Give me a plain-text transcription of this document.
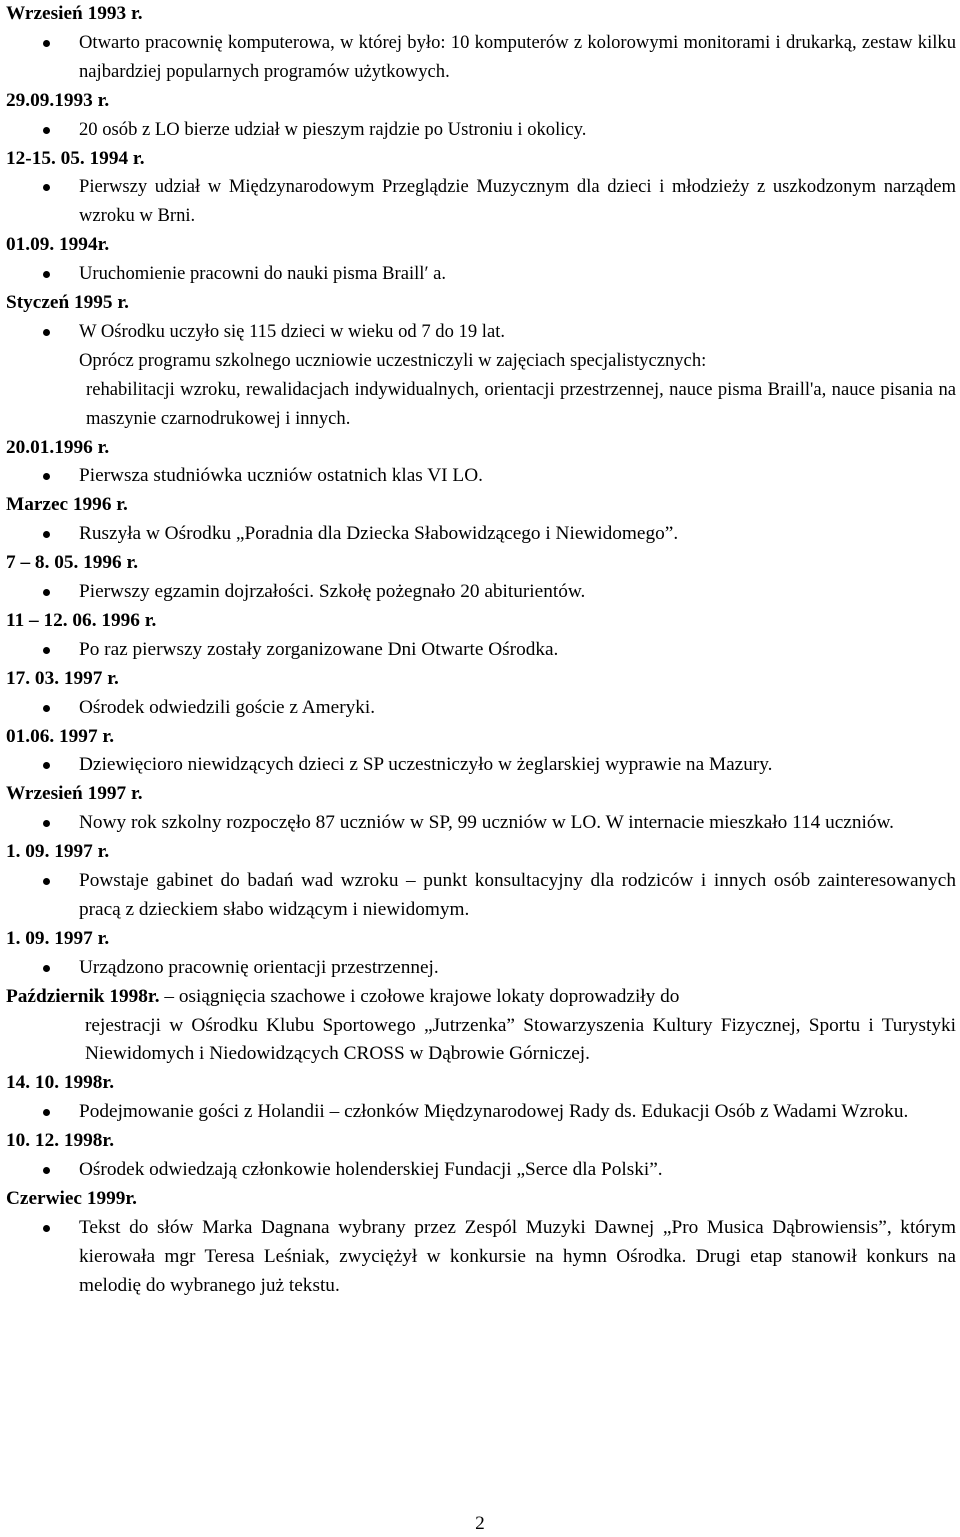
Wrzesień 1993 r.
Otwarto pracownię komputerowa, w której było: 10 komputerów z kolorowymi monitorami i drukarką, zestaw kilku najbardziej popularnych programów użytkowych.
29.09.1993 r.
20 osób z LO bierze udział w pieszym rajdzie po Ustroniu i okolicy.
12-15. 05. 1994 r.
Pierwszy udział w Międzynarodowym Przeglądzie Muzycznym dla dzieci i młodzieży z uszkodzonym narządem wzroku w Brni.
01.09. 1994r.
Uruchomienie pracowni do nauki pisma Braill′ a.
Styczeń 1995 r.
W Ośrodku uczyło się 115 dzieci w wieku od 7 do 19 lat.
Oprócz programu szkolnego uczniowie uczestniczyli w zajęciach specjalistycznych:
rehabilitacji wzroku, rewalidacjach indywidualnych, orientacji przestrzennej, nauce pisma Braill'a, nauce pisania na maszynie czarnodrukowej i innych.
20.01.1996 r.
Pierwsza studniówka uczniów ostatnich klas VI LO.
Marzec 1996 r.
Ruszyła w Ośrodku „Poradnia dla Dziecka Słabowidzącego i Niewidomego”.
7 – 8. 05. 1996 r.
Pierwszy egzamin dojrzałości. Szkołę pożegnało 20 abiturientów.
11 – 12. 06. 1996 r.
Po raz pierwszy zostały zorganizowane Dni Otwarte Ośrodka.
17. 03. 1997 r.
Ośrodek odwiedzili goście z Ameryki.
01.06. 1997 r.
Dziewięcioro niewidzących dzieci z SP uczestniczyło w żeglarskiej wyprawie na Mazury.
Wrzesień 1997 r.
Nowy rok szkolny rozpoczęło 87 uczniów w SP, 99 uczniów w LO. W internacie mieszkało 114 uczniów.
1. 09. 1997 r.
Powstaje gabinet do badań wad wzroku – punkt konsultacyjny dla rodziców i innych osób zainteresowanych pracą z dzieckiem słabo widzącym i niewidomym.
1. 09. 1997 r.
Urządzono pracownię orientacji przestrzennej.
Październik 1998r. – osiągnięcia szachowe i czołowe krajowe lokaty doprowadziły do
rejestracji w Ośrodku Klubu Sportowego „Jutrzenka” Stowarzyszenia Kultury Fizycznej, Sportu i Turystyki Niewidomych i Niedowidzących CROSS w Dąbrowie Górniczej.
14. 10. 1998r.
Podejmowanie gości z Holandii – członków Międzynarodowej Rady ds. Edukacji Osób z Wadami Wzroku.
10. 12. 1998r.
Ośrodek odwiedzają członkowie holenderskiej Fundacji „Serce dla Polski”.
Czerwiec 1999r.
Tekst do słów Marka Dagnana wybrany przez Zespól Muzyki Dawnej „Pro Musica Dąbrowiensis”, którym kierowała mgr Teresa Leśniak, zwyciężył w konkursie na hymn Ośrodka. Drugi etap stanowił konkurs na melodię do wybranego już tekstu.
2
